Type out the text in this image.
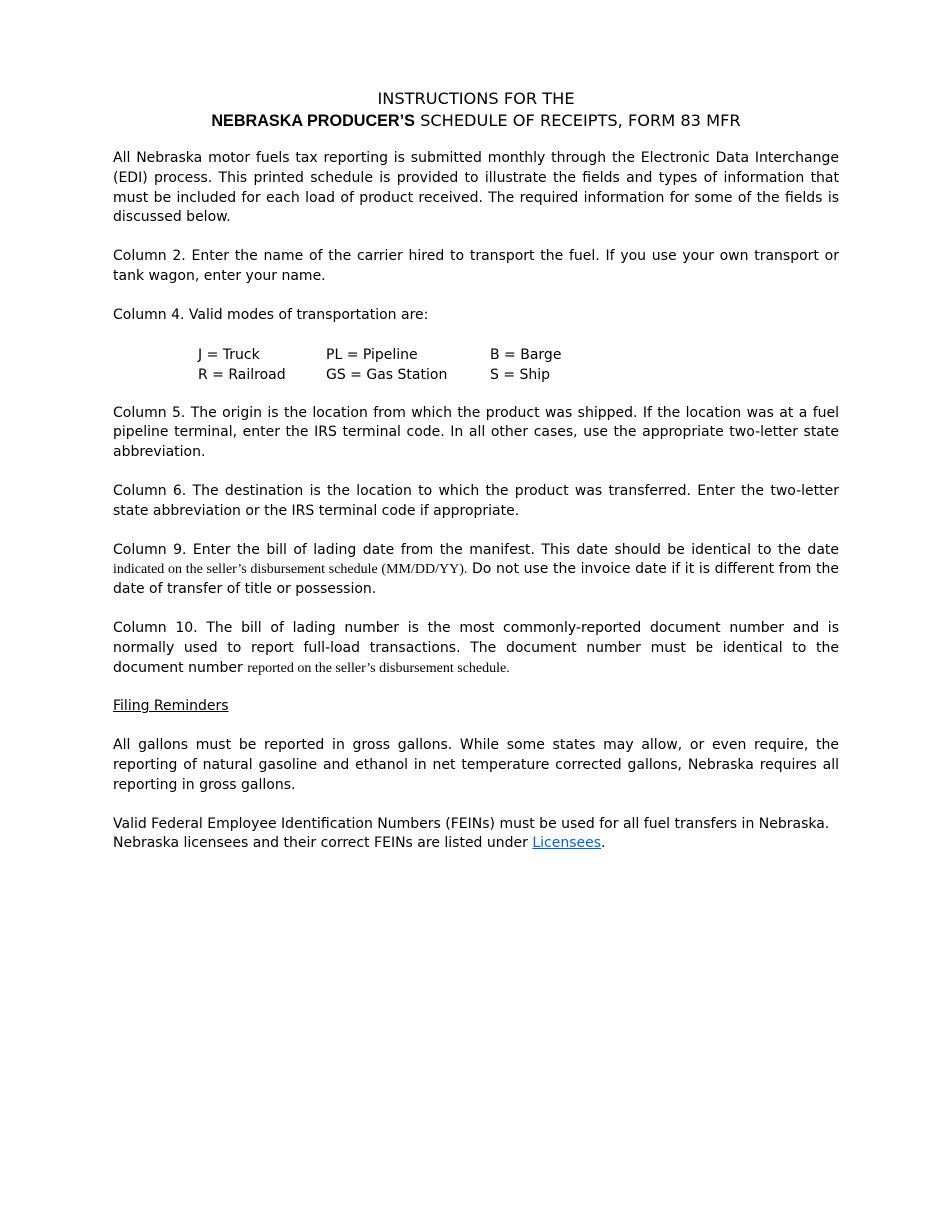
INSTRUCTIONS FOR THE
NEBRASKA PRODUCER’S SCHEDULE OF RECEIPTS, FORM 83 MFR

All Nebraska motor fuels tax reporting is submitted monthly through the Electronic Data Interchange (EDI) process. This printed schedule is provided to illustrate the fields and types of information that must be included for each load of product received. The required information for some of the fields is discussed below.

Column 2. Enter the name of the carrier hired to transport the fuel. If you use your own transport or tank wagon, enter your name.

Column 4. Valid modes of transportation are:

J = Truck	PL = Pipeline	B = Barge
R = Railroad	GS = Gas Station	S = Ship

Column 5. The origin is the location from which the product was shipped. If the location was at a fuel pipeline terminal, enter the IRS terminal code. In all other cases, use the appropriate two-letter state abbreviation.

Column 6. The destination is the location to which the product was transferred. Enter the two-letter state abbreviation or the IRS terminal code if appropriate.

Column 9. Enter the bill of lading date from the manifest. This date should be identical to the date indicated on the seller’s disbursement schedule (MM/DD/YY). Do not use the invoice date if it is different from the date of transfer of title or possession.

Column 10. The bill of lading number is the most commonly-reported document number and is normally used to report full-load transactions. The document number must be identical to the document number reported on the seller’s disbursement schedule.

Filing Reminders

All gallons must be reported in gross gallons. While some states may allow, or even require, the reporting of natural gasoline and ethanol in net temperature corrected gallons, Nebraska requires all reporting in gross gallons.

Valid Federal Employee Identification Numbers (FEINs) must be used for all fuel transfers in Nebraska.
Nebraska licensees and their correct FEINs are listed under Licensees.
